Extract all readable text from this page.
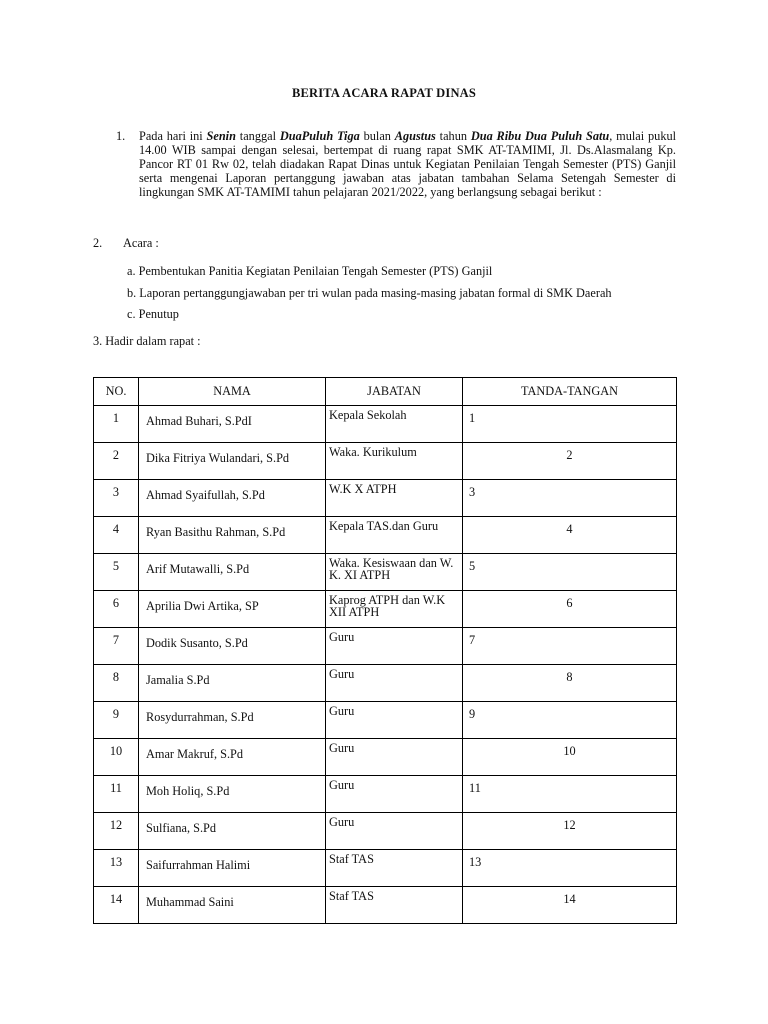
BERITA ACARA RAPAT DINAS
1. Pada hari ini Senin tanggal DuaPuluh Tiga bulan Agustus tahun Dua Ribu Dua Puluh Satu, mulai pukul 14.00 WIB sampai dengan selesai, bertempat di ruang rapat SMK AT-TAMIMI, Jl. Ds.Alasmalang Kp. Pancor RT 01 Rw 02, telah diadakan Rapat Dinas untuk Kegiatan Penilaian Tengah Semester (PTS) Ganjil serta mengenai Laporan pertanggung jawaban atas jabatan tambahan Selama Setengah Semester di lingkungan SMK AT-TAMIMI tahun pelajaran 2021/2022, yang berlangsung sebagai berikut :
2. Acara :
a. Pembentukan Panitia Kegiatan Penilaian Tengah Semester (PTS) Ganjil
b. Laporan pertanggungjawaban per tri wulan pada masing-masing jabatan formal di SMK Daerah
c. Penutup
3. Hadir dalam rapat :
NO.	NAMA	JABATAN	TANDA-TANGAN
1	Ahmad Buhari, S.PdI	Kepala Sekolah	1
2	Dika Fitriya Wulandari, S.Pd	Waka. Kurikulum	2
3	Ahmad Syaifullah, S.Pd	W.K X ATPH	3
4	Ryan Basithu Rahman, S.Pd	Kepala TAS.dan Guru	4
5	Arif Mutawalli, S.Pd	Waka. Kesiswaan dan W. K. XI ATPH	5
6	Aprilia Dwi Artika, SP	Kaprog ATPH dan W.K XII ATPH	6
7	Dodik Susanto, S.Pd	Guru	7
8	Jamalia S.Pd	Guru	8
9	Rosydurrahman, S.Pd	Guru	9
10	Amar Makruf, S.Pd	Guru	10
11	Moh Holiq, S.Pd	Guru	11
12	Sulfiana, S.Pd	Guru	12
13	Saifurrahman Halimi	Staf TAS	13
14	Muhammad Saini	Staf TAS	14
